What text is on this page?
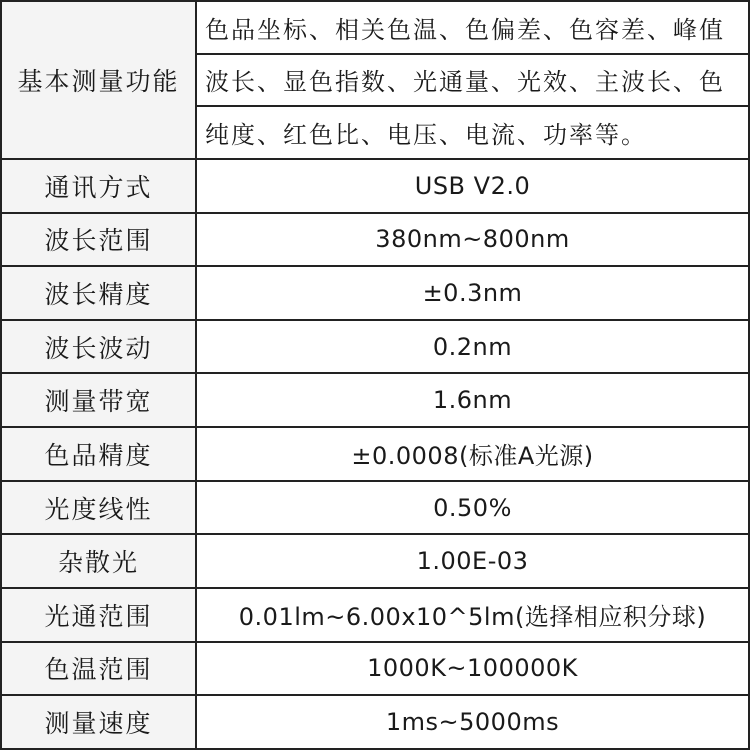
基本测量功能	色品坐标、相关色温、色偏差、色容差、峰值
波长、显色指数、光通量、光效、主波长、色
纯度、红色比、电压、电流、功率等。

通讯方式	USB V2.0
波长范围	380nm~800nm
波长精度	±0.3nm
波长波动	0.2nm
测量带宽	1.6nm
色品精度	±0.0008(标准A光源)
光度线性	0.50%
杂散光	1.00E-03
光通范围	0.01lm~6.00x10^5lm(选择相应积分球)
色温范围	1000K~100000K
测量速度	1ms~5000ms
